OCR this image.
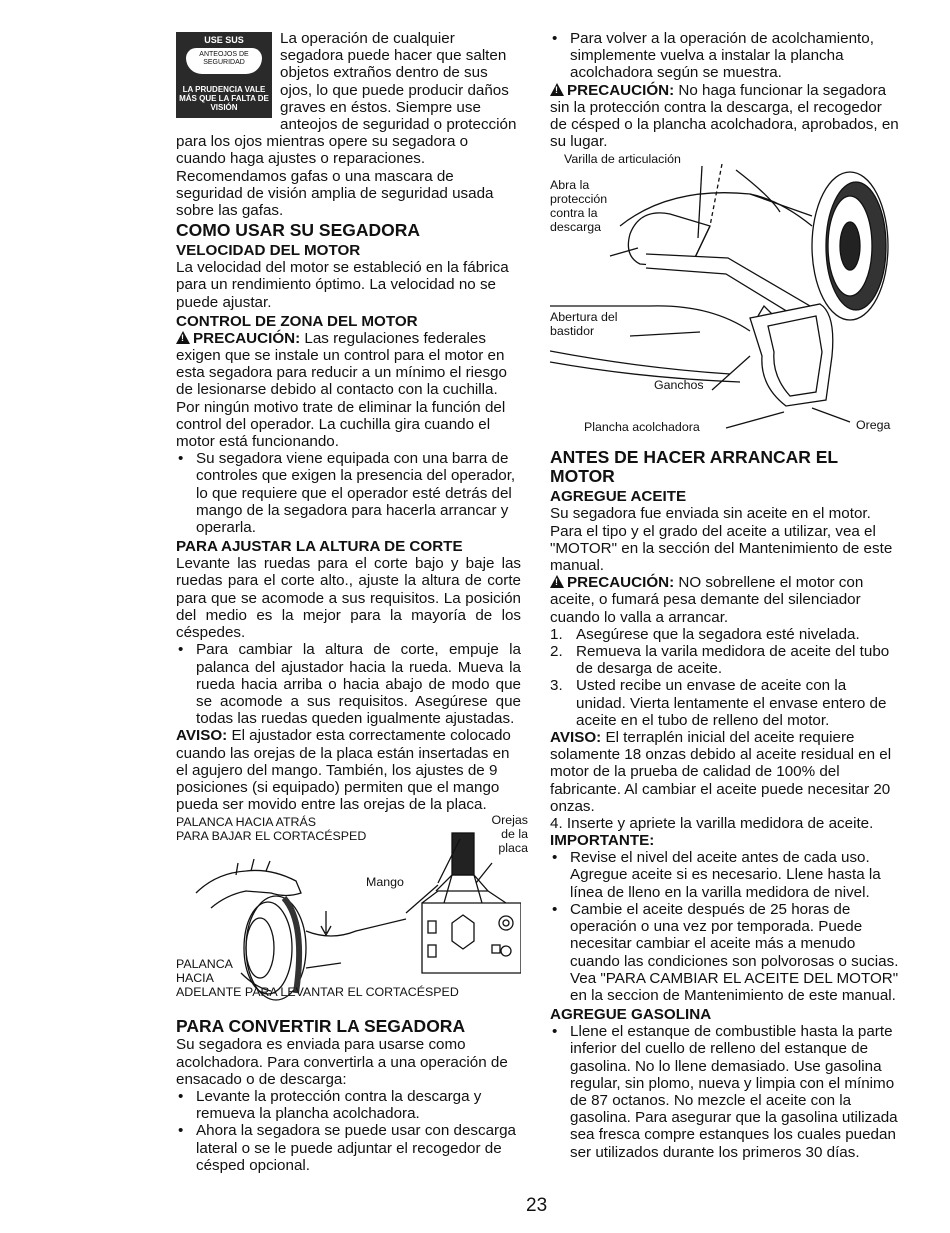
USE SUS
ANTEOJOS DE SEGURIDAD
LA PRUDENCIA VALE MÁS QUE LA FALTA DE VISIÓN

La operación de cualquier segadora puede hacer que salten objetos extraños dentro de sus ojos, lo que puede producir daños graves en éstos. Siempre use anteojos de seguridad o protección para los ojos mientras opere su segadora o cuando haga ajustes o reparaciones. Recomendamos gafas o una mascara de seguridad de visión amplia de seguridad usada sobre las gafas.

COMO USAR SU SEGADORA

VELOCIDAD DEL MOTOR

La velocidad del motor se estableció en la fábrica para un rendimiento óptimo. La velocidad no se puede ajustar.

CONTROL DE ZONA DEL MOTOR

!PRECAUCIÓN: Las regulaciones federales exigen que se instale un control para el motor en esta segadora para reducir a un mínimo el riesgo de lesionarse debido al contacto con la cuchilla. Por ningún motivo trate de eliminar la función del control del operador. La cuchilla gira cuando el motor está funcionando.

• Su segadora viene equipada con una barra de controles que exigen la presencia del operador, lo que requiere que el operador esté detrás del mango de la segadora para hacerla arrancar y operarla.

PARA AJUSTAR LA ALTURA DE CORTE

Levante las ruedas para el corte bajo y baje las ruedas para el corte alto., ajuste la altura de corte para que se acomode a sus requisitos. La posición del medio es la mejor para la mayoría de los céspedes.

• Para cambiar la altura de corte, empuje la palanca del ajustador hacia la rueda. Mueva la rueda hacia arriba o hacia abajo de modo que se acomode a sus requisitos. Asegúrese que todas las ruedas queden igualmente ajustadas.

AVISO: El ajustador esta correctamente colocado cuando las orejas de la placa están insertadas en el agujero del mango. También, los ajustes de 9 posiciones (si equipado) permiten que el mango pueda ser movido entre las orejas de la placa.

PALANCA HACIA ATRÁS
PARA BAJAR EL CORTACÉSPED
Orejas de la placa
Mango
PALANCA
HACIA
ADELANTE PARA LEVANTAR EL CORTACÉSPED

PARA CONVERTIR LA SEGADORA

Su segadora es enviada para usarse como acolchadora. Para convertirla a una operación de ensacado o de descarga:

• Levante la protección contra la descarga y remueva la plancha acolchadora.
• Ahora la segadora se puede usar con descarga lateral o se le puede adjuntar el recogedor de césped opcional.
• Para volver a la operación de acolchamiento, simplemente vuelva a instalar la plancha acolchadora según se muestra.

!PRECAUCIÓN: No haga funcionar la segadora sin la protección contra la descarga, el recogedor de césped o la plancha acolchadora, aprobados, en su lugar.

Varilla de articulación
Abra la protección contra la descarga
Abertura del bastidor
Ganchos
Plancha acolchadora	Orega

ANTES DE HACER ARRANCAR EL MOTOR

AGREGUE ACEITE

Su segadora fue enviada sin aceite en el motor. Para el tipo y el grado del aceite a utilizar, vea el "MOTOR" en la sección del Mantenimiento de este manual.

!PRECAUCIÓN: NO sobrellene el motor con aceite, o fumará pesa demante del silenciador cuando lo valla a arrancar.

1. Asegúrese que la segadora esté nivelada.
2. Remueva la varila medidora de aceite del tubo de desarga de aceite.
3. Usted recibe un envase de aceite con la unidad. Vierta lentamente el envase entero de aceite en el tubo de relleno del motor.

AVISO: El terraplén inicial del aceite requiere solamente 18 onzas debido al aceite residual en el motor de la prueba de calidad de 100% del fabricante. Al cambiar el aceite puede necesitar 20 onzas.

4. Inserte y apriete la varilla medidora de aceite.

IMPORTANTE:

• Revise el nivel del aceite antes de cada uso. Agregue aceite si es necesario. Llene hasta la línea de lleno en la varilla medidora de nivel.
• Cambie el aceite después de 25 horas de operación o una vez por temporada. Puede necesitar cambiar el aceite más a menudo cuando las condiciones son polvorosas o sucias. Vea "PARA CAMBIAR EL ACEITE DEL MOTOR" en la seccion de Mantenimiento de este manual.

AGREGUE GASOLINA

• Llene el estanque de combustible hasta la parte inferior del cuello de relleno del estanque de gasolina. No lo llene demasiado. Use gasolina regular, sin plomo, nueva y limpia con el mínimo de 87 octanos. No mezcle el aceite con la gasolina. Para asegurar que la gasolina utilizada sea fresca compre estanques los cuales puedan ser utilizados durante los primeros 30 días.
23
